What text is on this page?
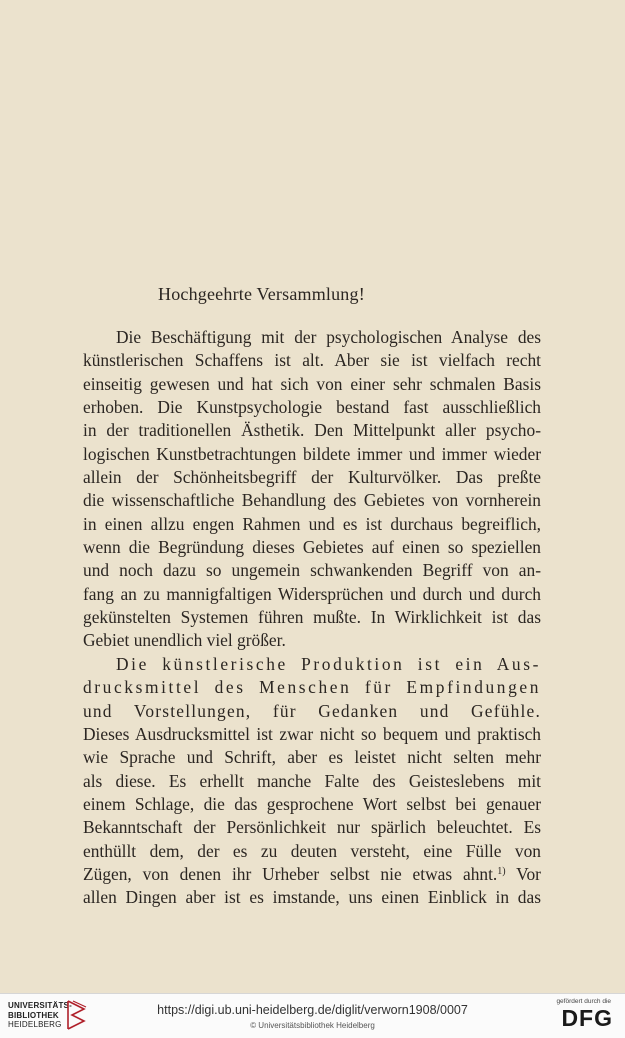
Hochgeehrte Versammlung!
Die Beschäftigung mit der psychologischen Analyse des
künstlerischen Schaffens ist alt. Aber sie ist vielfach recht
einseitig gewesen und hat sich von einer sehr schmalen Basis
erhoben. Die Kunstpsychologie bestand fast ausschließlich
in der traditionellen Ästhetik. Den Mittelpunkt aller psycho-
logischen Kunstbetrachtungen bildete immer und immer wieder
allein der Schönheitsbegriff der Kulturvölker. Das preßte
die wissenschaftliche Behandlung des Gebietes von vornherein
in einen allzu engen Rahmen und es ist durchaus begreiflich,
wenn die Begründung dieses Gebietes auf einen so speziellen
und noch dazu so ungemein schwankenden Begriff von an-
fang an zu mannigfaltigen Widersprüchen und durch und durch
gekünstelten Systemen führen mußte. In Wirklichkeit ist das
Gebiet unendlich viel größer.
Die künstlerische Produktion ist ein Aus-
drucksmittel des Menschen für Empfindungen
und Vorstellungen, für Gedanken und Gefühle.
Dieses Ausdrucksmittel ist zwar nicht so bequem und praktisch
wie Sprache und Schrift, aber es leistet nicht selten mehr
als diese. Es erhellt manche Falte des Geisteslebens mit
einem Schlage, die das gesprochene Wort selbst bei genauer
Bekanntschaft der Persönlichkeit nur spärlich beleuchtet. Es
enthüllt dem, der es zu deuten versteht, eine Fülle von
Zügen, von denen ihr Urheber selbst nie etwas ahnt.$^{1)}$ Vor
allen Dingen aber ist es imstande, uns einen Einblick in das
UNIVERSITÄTS-
BIBLIOTHEK
HEIDELBERG
https://digi.ub.uni-heidelberg.de/diglit/verworn1908/0007
© Universitätsbibliothek Heidelberg
gefördert durch die
DFG
